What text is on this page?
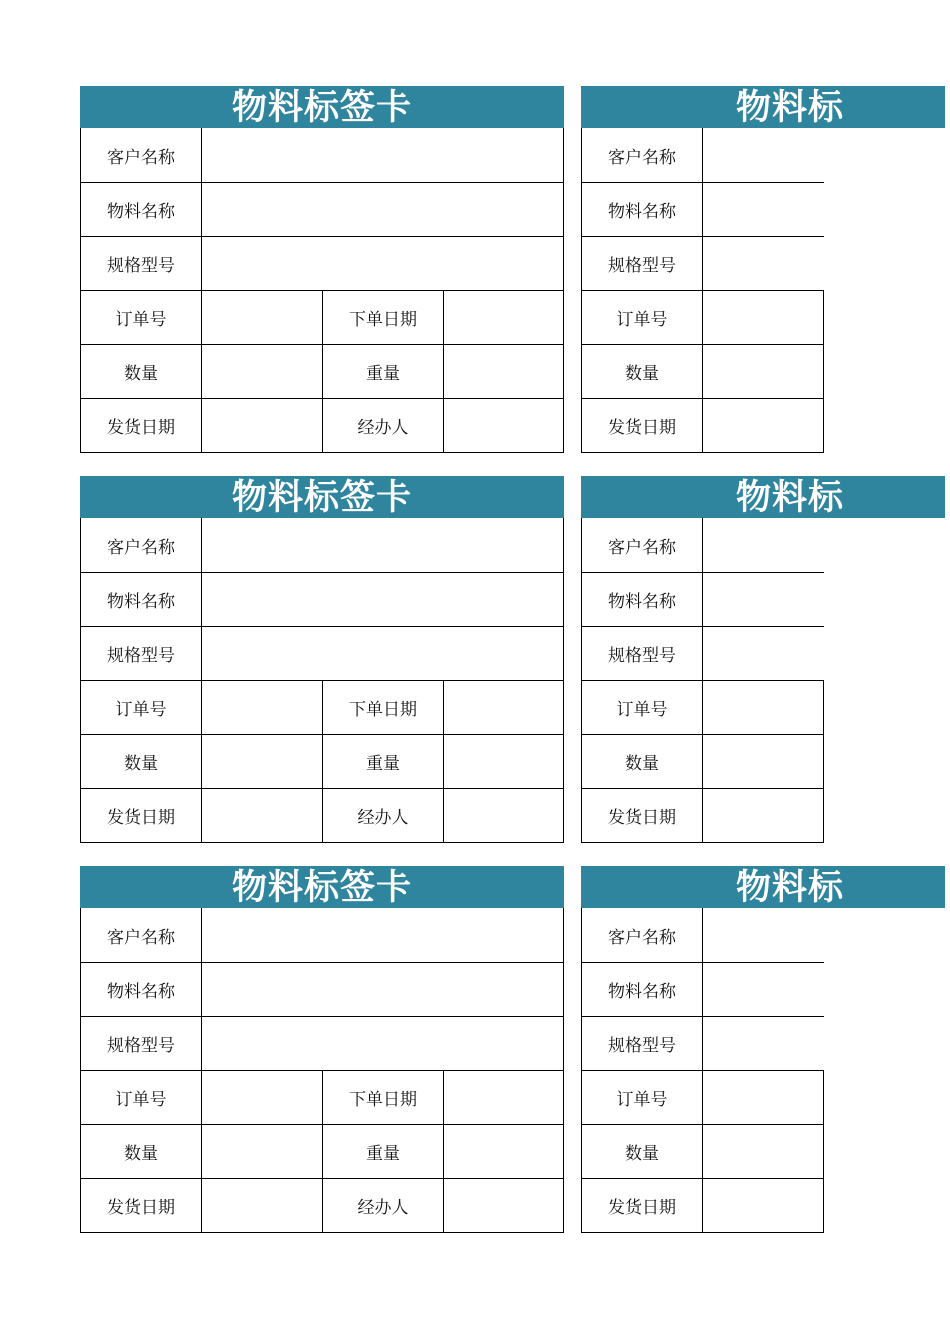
物料标签卡
客户名称
物料名称
规格型号
订单号	下单日期
数量	重量
发货日期	经办人
物料标
客户名称
物料名称
规格型号
订单号
数量
发货日期
物料标签卡
客户名称
物料名称
规格型号
订单号	下单日期
数量	重量
发货日期	经办人
物料标
客户名称
物料名称
规格型号
订单号
数量
发货日期
物料标签卡
客户名称
物料名称
规格型号
订单号	下单日期
数量	重量
发货日期	经办人
物料标
客户名称
物料名称
规格型号
订单号
数量
发货日期
